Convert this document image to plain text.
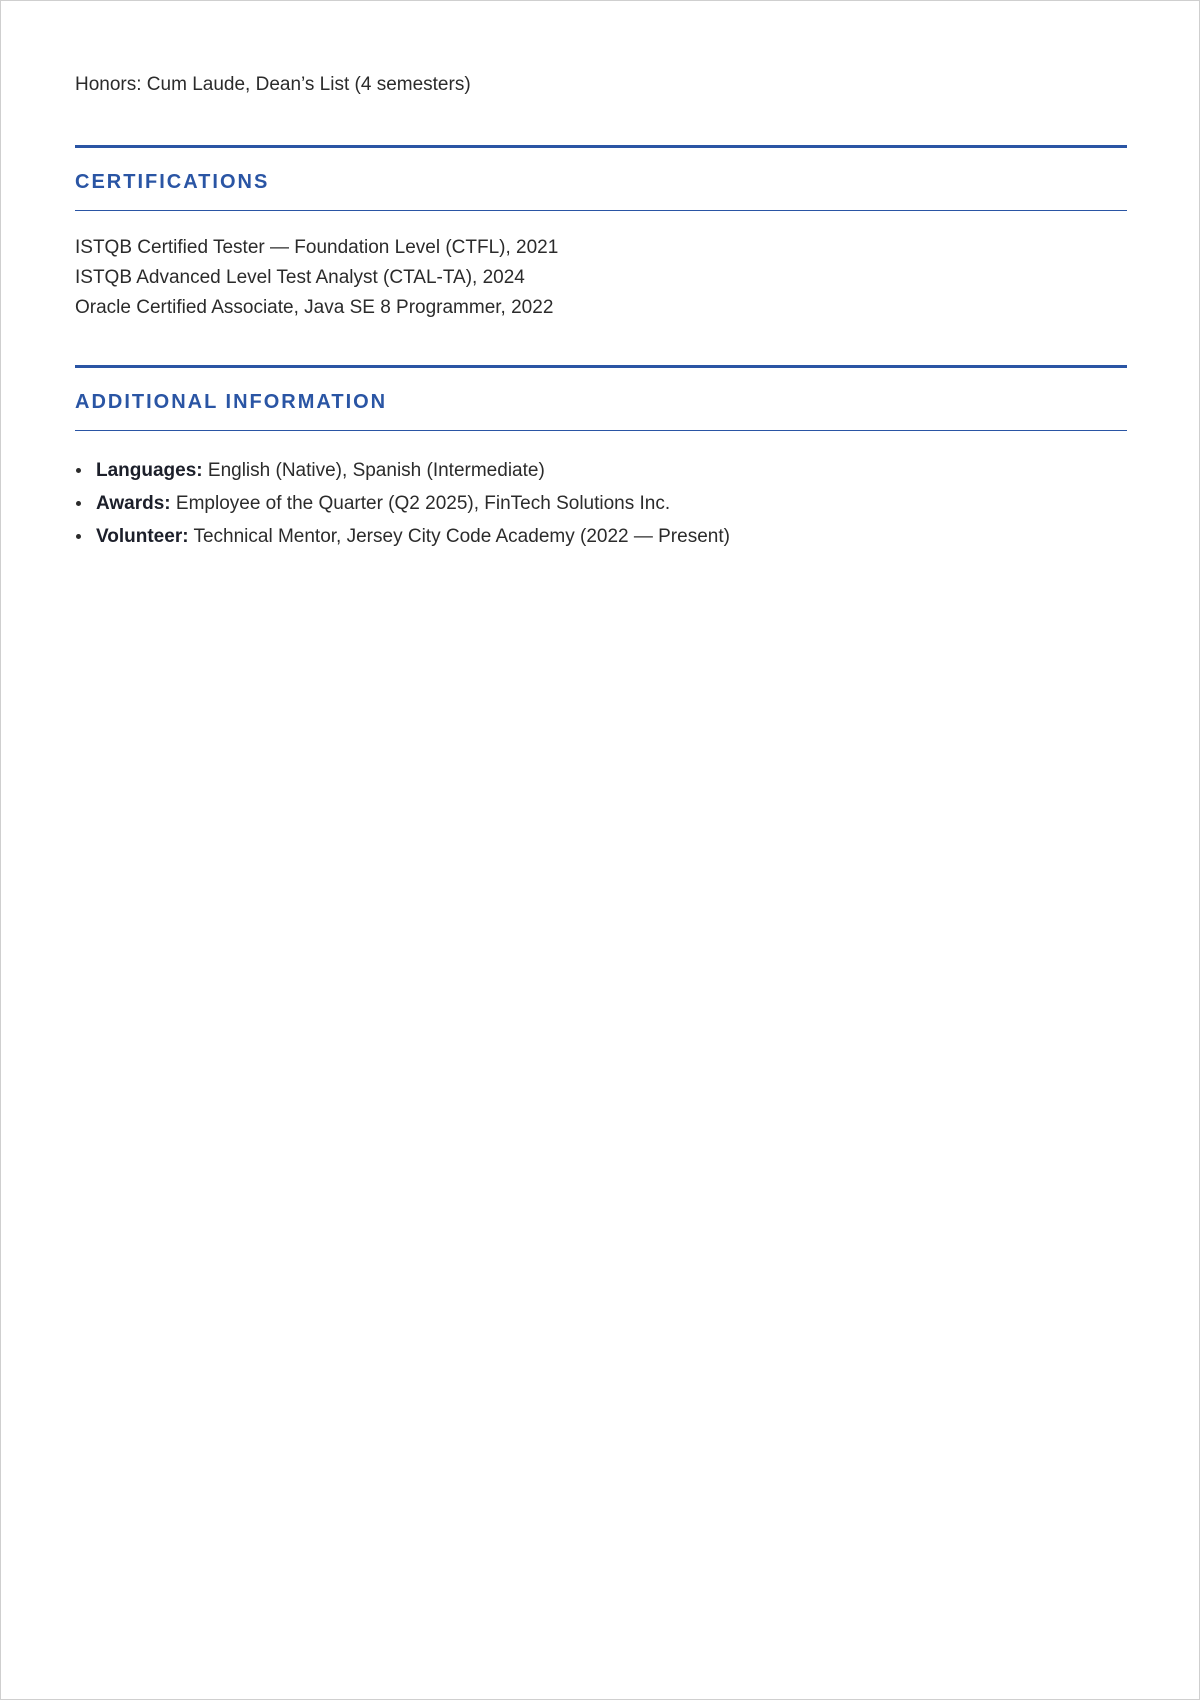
Honors: Cum Laude, Dean’s List (4 semesters)

CERTIFICATIONS

ISTQB Certified Tester — Foundation Level (CTFL), 2021

ISTQB Advanced Level Test Analyst (CTAL-TA), 2024

Oracle Certified Associate, Java SE 8 Programmer, 2022

ADDITIONAL INFORMATION
Languages: English (Native), Spanish (Intermediate)
Awards: Employee of the Quarter (Q2 2025), FinTech Solutions Inc.
Volunteer: Technical Mentor, Jersey City Code Academy (2022 — Present)
